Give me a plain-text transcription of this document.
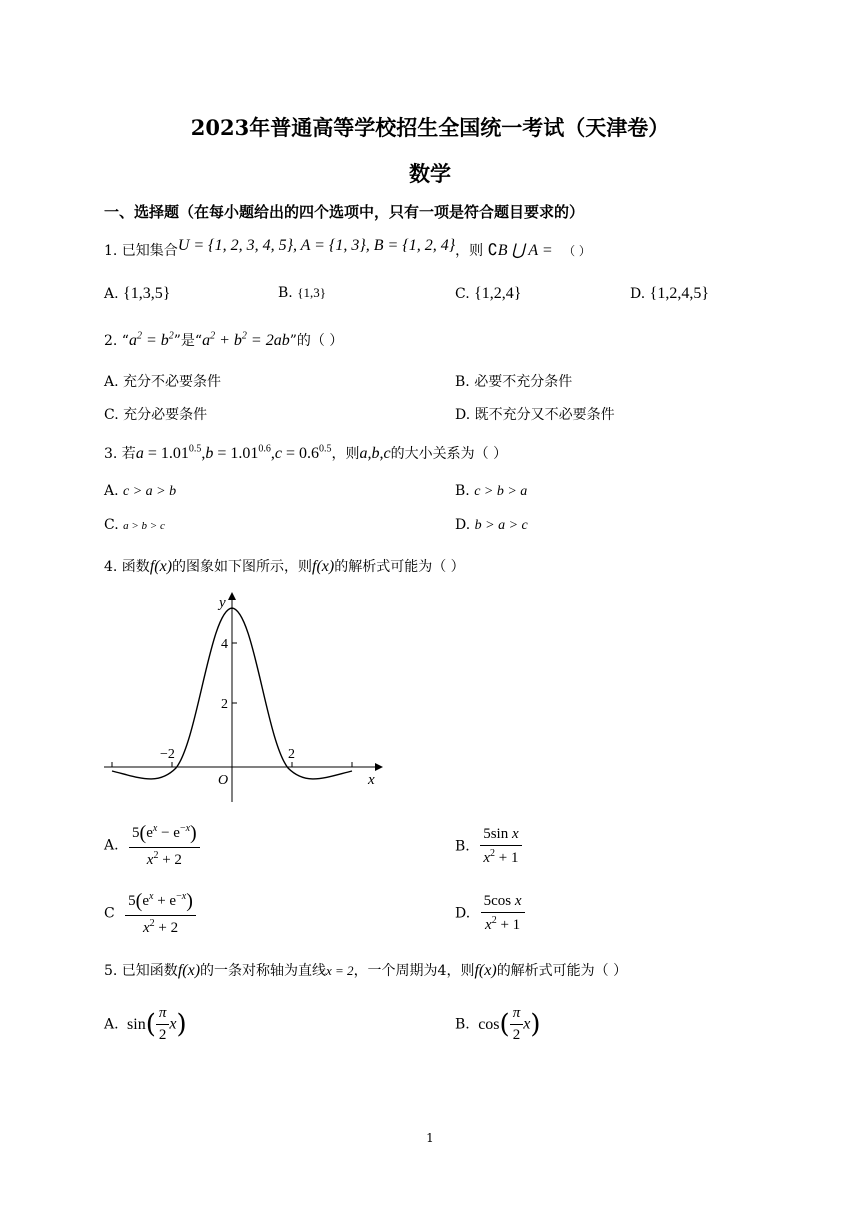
2023年普通高等学校招生全国统一考试（天津卷）
数学
一、选择题（在每小题给出的四个选项中，只有一项是符合题目要求的）
1. 已知集合U = {1, 2, 3, 4, 5}, A = {1, 3}, B = {1, 2, 4}，则 ∁B ⋃ A = （ ）
A. {1,3,5}	B. {1,3}	C. {1,2,4}	D. {1,2,4,5}
2. “$a^2 = b^2$”是“$a^2 + b^2 = 2ab$”的（ ）
A. 充分不必要条件	B. 必要不充分条件
C. 充分必要条件	D. 既不充分又不必要条件
3. 若$a = 1.01^{0.5},b = 1.01^{0.6},c = 0.6^{0.5}$，则a,b,c的大小关系为（ ）
A. c > a > b	B. c > b > a
C. a > b > c	D. b > a > c
4. 函数f(x)的图象如下图所示，则f(x)的解析式可能为（ ）
y
x
O
4
2
−2	2
A. $\frac{5(e^x - e^{-x})}{x^2 + 2}$	B. $\frac{\text{5sin x}}{x^2 + 1}$
C $\frac{5(e^x + e^{-x})}{x^2 + 2}$	D. $\frac{\text{5cos x}}{x^2 + 1}$
5. 已知函数f(x)的一条对称轴为直线x = 2，一个周期为4，则f(x)的解析式可能为（ ）
A. $\sin( \frac{\pi}{2} x)$	B. $\cos( \frac{\pi}{2} x)$
1
